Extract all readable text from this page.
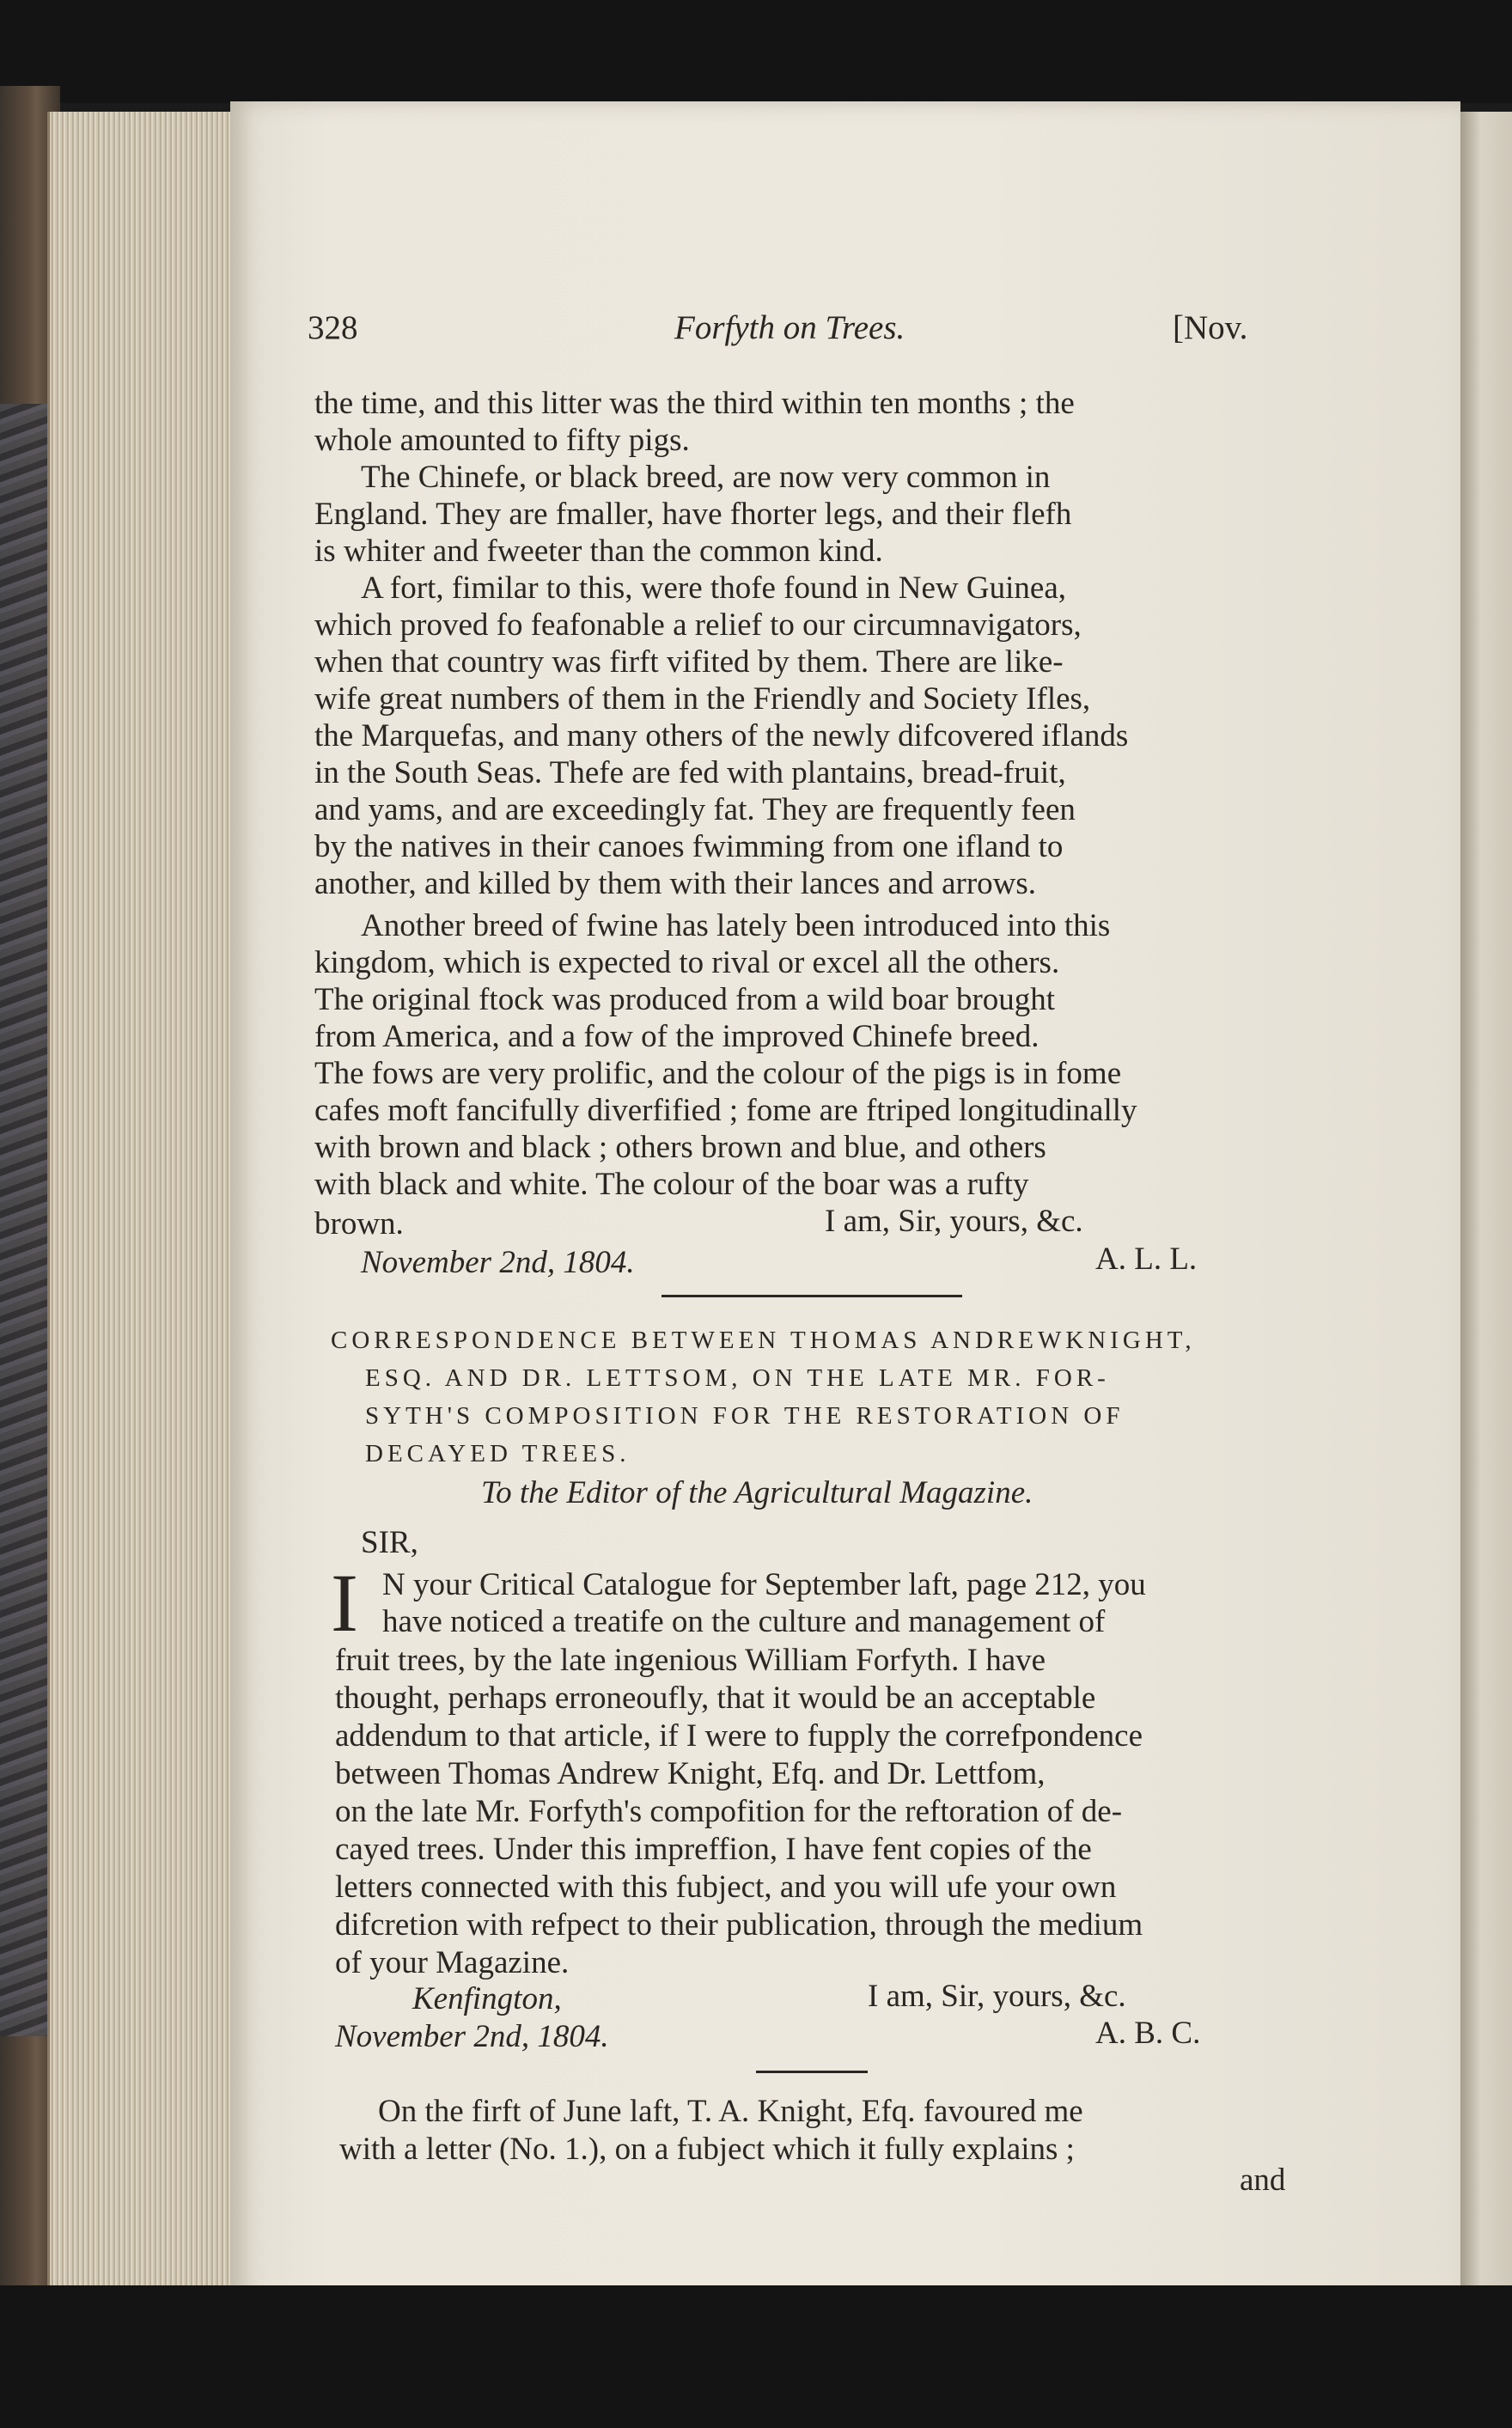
328	Forfyth on Trees.	[Nov.
the time, and this litter was the third within ten months ; the
whole amounted to fifty pigs.
The Chinefe, or black breed, are now very common in
England. They are fmaller, have fhorter legs, and their flefh
is whiter and fweeter than the common kind.
A fort, fimilar to this, were thofe found in New Guinea,
which proved fo feafonable a relief to our circumnavigators,
when that country was firft vifited by them. There are like-
wife great numbers of them in the Friendly and Society Ifles,
the Marquefas, and many others of the newly difcovered iflands
in the South Seas. Thefe are fed with plantains, bread-fruit,
and yams, and are exceedingly fat. They are frequently feen
by the natives in their canoes fwimming from one ifland to
another, and killed by them with their lances and arrows.
Another breed of fwine has lately been introduced into this
kingdom, which is expected to rival or excel all the others.
The original ftock was produced from a wild boar brought
from America, and a fow of the improved Chinefe breed.
The fows are very prolific, and the colour of the pigs is in fome
cafes moft fancifully diverfified ; fome are ftriped longitudinally
with brown and black ; others brown and blue, and others
with black and white. The colour of the boar was a rufty
brown.	I am, Sir, yours, &c.
November 2nd, 1804.	A. L. L.
CORRESPONDENCE BETWEEN THOMAS ANDREWKNIGHT,
ESQ. AND DR. LETTSOM, ON THE LATE MR. FOR-
SYTH'S COMPOSITION FOR THE RESTORATION OF
DECAYED TREES.
To the Editor of the Agricultural Magazine.
SIR,
I N your Critical Catalogue for September laft, page 212, you
have noticed a treatife on the culture and management of
fruit trees, by the late ingenious William Forfyth. I have
thought, perhaps erroneoufly, that it would be an acceptable
addendum to that article, if I were to fupply the correfpondence
between Thomas Andrew Knight, Efq. and Dr. Lettfom,
on the late Mr. Forfyth's compofition for the reftoration of de-
cayed trees. Under this impreffion, I have fent copies of the
letters connected with this fubject, and you will ufe your own
difcretion with refpect to their publication, through the medium
of your Magazine.
Kenfington,	I am, Sir, yours, &c.
November 2nd, 1804.	A. B. C.
On the firft of June laft, T. A. Knight, Efq. favoured me
with a letter (No. 1.), on a fubject which it fully explains ;
and
